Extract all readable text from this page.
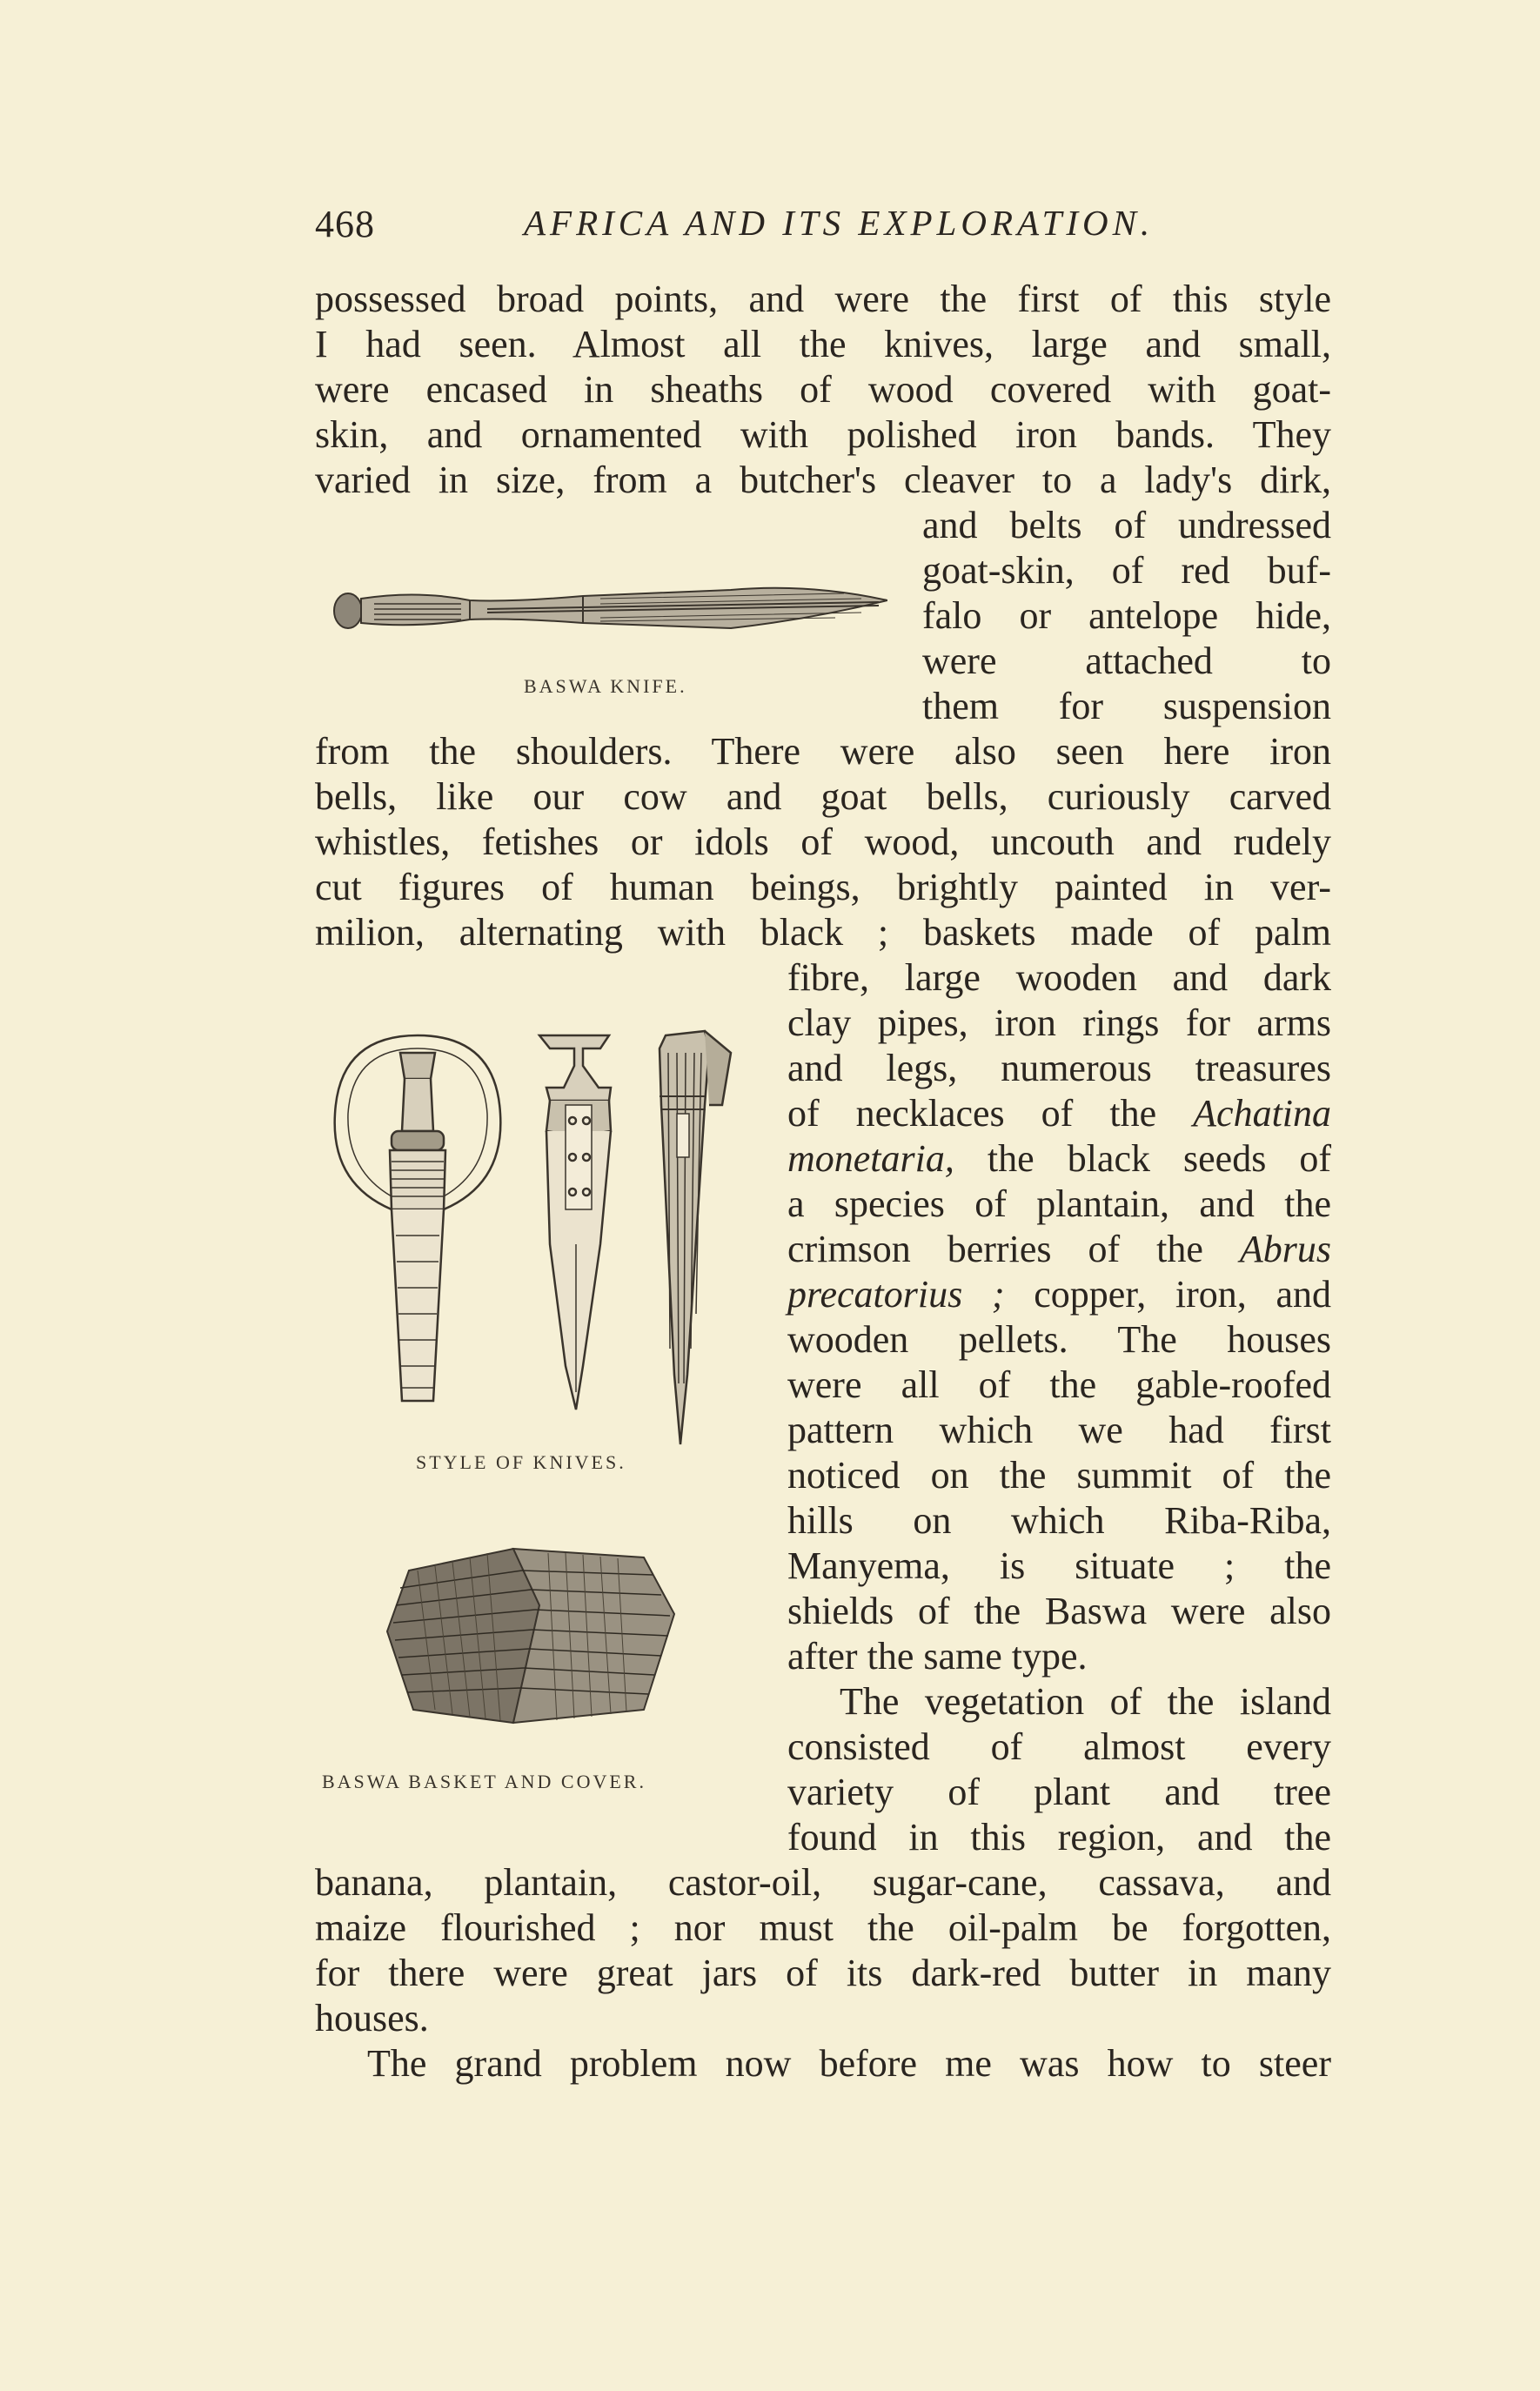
468	AFRICA AND ITS EXPLORATION.
possessed broad points, and were the first of this style
I had seen. Almost all the knives, large and small,
were encased in sheaths of wood covered with goat-
skin, and ornamented with polished iron bands. They
varied in size, from a butcher's cleaver to a lady's dirk,
and belts of undressed
goat-skin, of red buf-
falo or antelope hide,
were attached to
them for suspension
BASWA KNIFE.
from the shoulders. There were also seen here iron
bells, like our cow and goat bells, curiously carved
whistles, fetishes or idols of wood, uncouth and rudely
cut figures of human beings, brightly painted in ver-
milion, alternating with black ; baskets made of palm
fibre, large wooden and dark
clay pipes, iron rings for arms
and legs, numerous treasures
of necklaces of the Achatina
monetaria, the black seeds of
a species of plantain, and the
crimson berries of the Abrus
precatorius ; copper, iron, and
wooden pellets. The houses
were all of the gable-roofed
pattern which we had first
noticed on the summit of the
hills on which Riba-Riba,
Manyema, is situate ; the
shields of the Baswa were also
after the same type.
The vegetation of the island
consisted of almost every
variety of plant and tree
found in this region, and the
STYLE OF KNIVES.
BASWA BASKET AND COVER.
banana, plantain, castor-oil, sugar-cane, cassava, and
maize flourished ; nor must the oil-palm be forgotten,
for there were great jars of its dark-red butter in many
houses.
The grand problem now before me was how to steer
